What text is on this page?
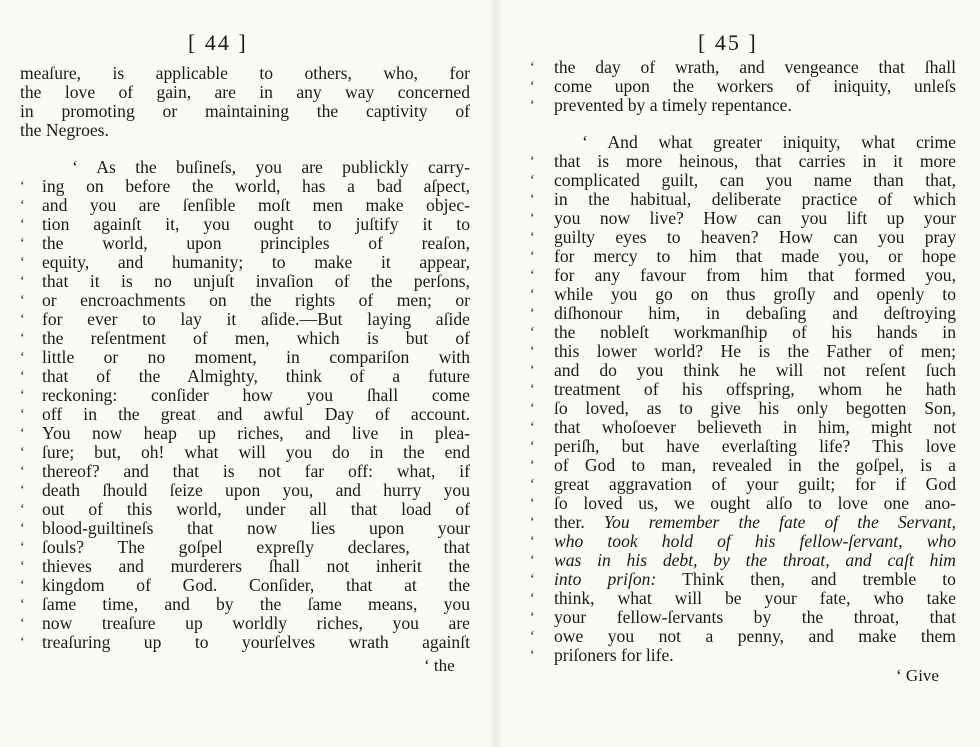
[ 44 ]
meaſure, is applicable to others, who, for
the love of gain, are in any way concerned
in promoting or maintaining the captivity of
the Negroes.
‘ As the buſineſs, you are publickly carry-
‘ ing on before the world, has a bad aſpect,
‘ and you are ſenſible moſt men make objec-
‘ tion againſt it, you ought to juſtify it to
‘ the world, upon principles of reaſon,
‘ equity, and humanity; to make it appear,
‘ that it is no unjuſt invaſion of the perſons,
‘ or encroachments on the rights of men; or
‘ for ever to lay it aſide.—But laying aſide
‘ the reſentment of men, which is but of
‘ little or no moment, in compariſon with
‘ that of the Almighty, think of a future
‘ reckoning: conſider how you ſhall come
‘ off in the great and awful Day of account.
‘ You now heap up riches, and live in plea-
‘ ſure; but, oh! what will you do in the end
‘ thereof? and that is not far off: what, if
‘ death ſhould ſeize upon you, and hurry you
‘ out of this world, under all that load of
‘ blood-guiltineſs that now lies upon your
‘ ſouls? The goſpel expreſly declares, that
‘ thieves and murderers ſhall not inherit the
‘ kingdom of God. Conſider, that at the
‘ ſame time, and by the ſame means, you
‘ now treaſure up worldly riches, you are
‘ treaſuring up to yourſelves wrath againſt
‘ the
[ 45 ]
‘	the day of wrath, and vengeance that ſhall
‘	come upon the workers of iniquity, unleſs
‘	prevented by a timely repentance.
‘ And what greater iniquity, what crime
‘	that is more heinous, that carries in it more
‘	complicated guilt, can you name than that,
‘	in the habitual, deliberate practice of which
‘	you now live? How can you lift up your
‘	guilty eyes to heaven? How can you pray
‘	for mercy to him that made you, or hope
‘	for any favour from him that formed you,
‘	while you go on thus groſly and openly to
‘	diſhonour him, in debaſing and deſtroying
‘	the nobleſt workmanſhip of his hands in
‘	this lower world? He is the Father of men;
‘	and do you think he will not reſent ſuch
‘	treatment of his offspring, whom he hath
‘	ſo loved, as to give his only begotten Son,
‘	that whoſoever believeth in him, might not
‘	periſh, but have everlaſting life? This love
‘	of God to man, revealed in the goſpel, is a
‘	great aggravation of your guilt; for if God
‘	ſo loved us, we ought alſo to love one ano-
‘	ther. You remember the fate of the Servant,
‘	who took hold of his fellow-ſervant, who
‘	was in his debt, by the throat, and caſt him
‘	into priſon: Think then, and tremble to
‘	think, what will be your fate, who take
‘	your fellow-ſervants by the throat, that
‘	owe you not a penny, and make them
‘	priſoners for life.
‘ Give
